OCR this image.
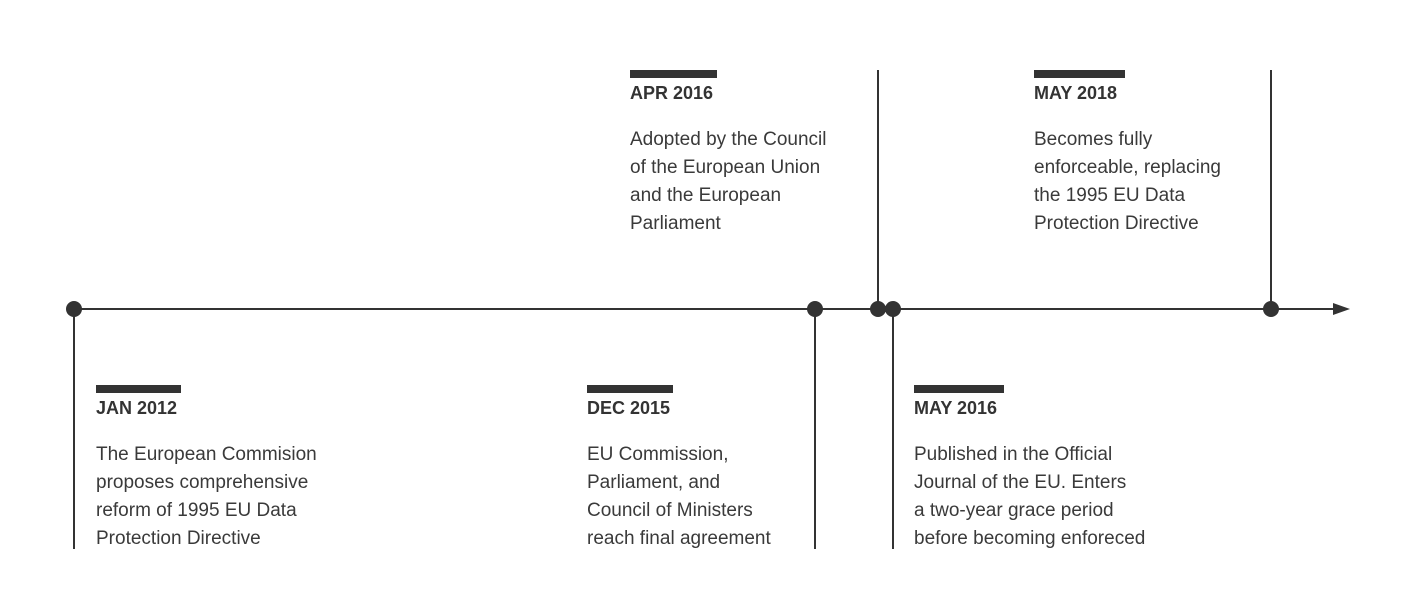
JAN 2012
The European Commision
proposes comprehensive
reform of 1995 EU Data
Protection Directive
DEC 2015
EU Commission,
Parliament, and
Council of Ministers
reach final agreement
APR 2016
Adopted by the Council
of the European Union
and the European
Parliament
MAY 2016
Published in the Official
Journal of the EU. Enters
a two-year grace period
before becoming enforeced
MAY 2018
Becomes fully
enforceable, replacing
the 1995 EU Data
Protection Directive
